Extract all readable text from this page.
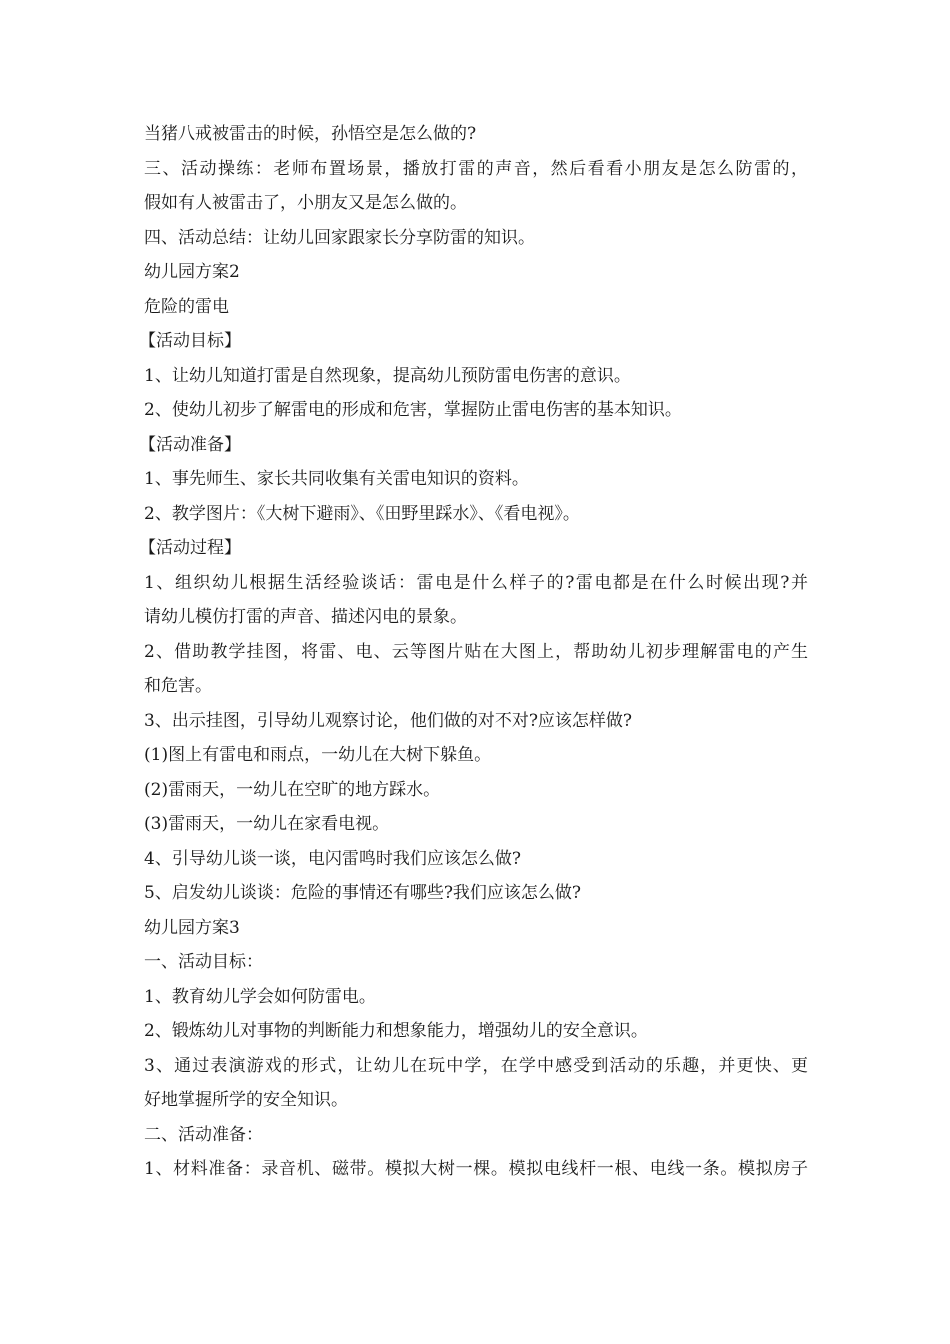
当猪八戒被雷击的时候，孙悟空是怎么做的?
三、活动操练：老师布置场景，播放打雷的声音，然后看看小朋友是怎么防雷的，
假如有人被雷击了，小朋友又是怎么做的。
四、活动总结：让幼儿回家跟家长分享防雷的知识。
幼儿园方案2
危险的雷电
【活动目标】
1、让幼儿知道打雷是自然现象，提高幼儿预防雷电伤害的意识。
2、使幼儿初步了解雷电的形成和危害，掌握防止雷电伤害的基本知识。
【活动准备】
1、事先师生、家长共同收集有关雷电知识的资料。
2、教学图片：《大树下避雨》、《田野里踩水》、《看电视》。
【活动过程】
1、组织幼儿根据生活经验谈话：雷电是什么样子的?雷电都是在什么时候出现?并
请幼儿模仿打雷的声音、描述闪电的景象。
2、借助教学挂图，将雷、电、云等图片贴在大图上，帮助幼儿初步理解雷电的产生
和危害。
3、出示挂图，引导幼儿观察讨论，他们做的对不对?应该怎样做?
(1)图上有雷电和雨点，一幼儿在大树下躲鱼。
(2)雷雨天，一幼儿在空旷的地方踩水。
(3)雷雨天，一幼儿在家看电视。
4、引导幼儿谈一谈，电闪雷鸣时我们应该怎么做?
5、启发幼儿谈谈：危险的事情还有哪些?我们应该怎么做?
幼儿园方案3
一、活动目标：
1、教育幼儿学会如何防雷电。
2、锻炼幼儿对事物的判断能力和想象能力，增强幼儿的安全意识。
3、通过表演游戏的形式，让幼儿在玩中学，在学中感受到活动的乐趣，并更快、更
好地掌握所学的安全知识。
二、活动准备：
1、材料准备：录音机、磁带。模拟大树一棵。模拟电线杆一根、电线一条。模拟房子
